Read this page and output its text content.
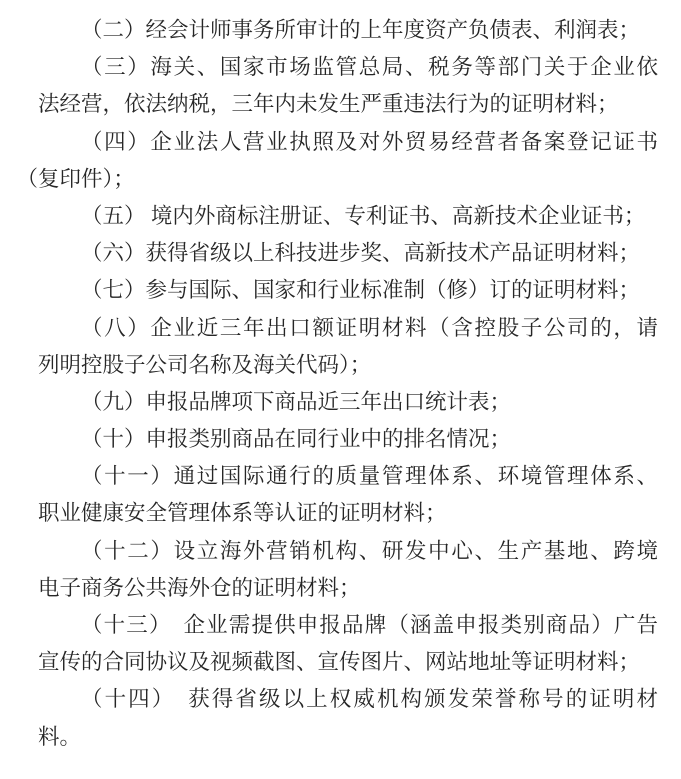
（二）经会计师事务所审计的上年度资产负债表、利润表；
（三）海关、国家市场监管总局、税务等部门关于企业依
法经营，依法纳税，三年内未发生严重违法行为的证明材料；
（四）企业法人营业执照及对外贸易经营者备案登记证书
（复印件）；
（五） 境内外商标注册证、专利证书、高新技术企业证书；
（六）获得省级以上科技进步奖、高新技术产品证明材料；
（七）参与国际、国家和行业标准制（修）订的证明材料；
（八）企业近三年出口额证明材料（含控股子公司的，请
列明控股子公司名称及海关代码）；
（九）申报品牌项下商品近三年出口统计表；
（十）申报类别商品在同行业中的排名情况；
（十一）通过国际通行的质量管理体系、环境管理体系、
职业健康安全管理体系等认证的证明材料；
（十二）设立海外营销机构、研发中心、生产基地、跨境
电子商务公共海外仓的证明材料；
（十三）　企业需提供申报品牌（涵盖申报类别商品）广告
宣传的合同协议及视频截图、宣传图片、网站地址等证明材料；
（十四）　获得省级以上权威机构颁发荣誉称号的证明材
料。
